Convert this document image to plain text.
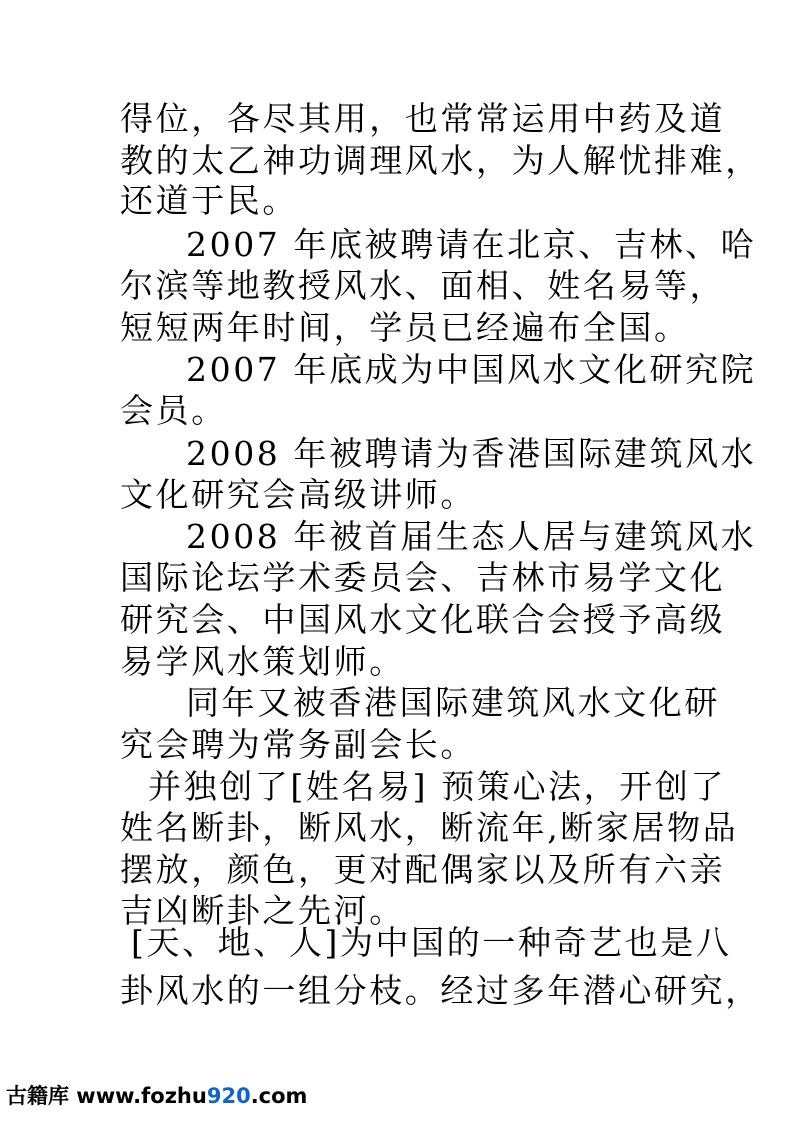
得位，各尽其用，也常常运用中药及道
教的太乙神功调理风水，为人解忧排难，
还道于民。
2007 年底被聘请在北京、吉林、哈
尔滨等地教授风水、面相、姓名易等，
短短两年时间，学员已经遍布全国。
2007 年底成为中国风水文化研究院
会员。
2008 年被聘请为香港国际建筑风水
文化研究会高级讲师。
2008 年被首届生态人居与建筑风水
国际论坛学术委员会、吉林市易学文化
研究会、中国风水文化联合会授予高级
易学风水策划师。
同年又被香港国际建筑风水文化研
究会聘为常务副会长。
并独创了[姓名易] 预策心法，开创了
姓名断卦，断风水，断流年,断家居物品
摆放，颜色，更对配偶家以及所有六亲
吉凶断卦之先河。
[天、地、人]为中国的一种奇艺也是八
卦风水的一组分枝。经过多年潜心研究，
古籍库 www.fozhu920.com
